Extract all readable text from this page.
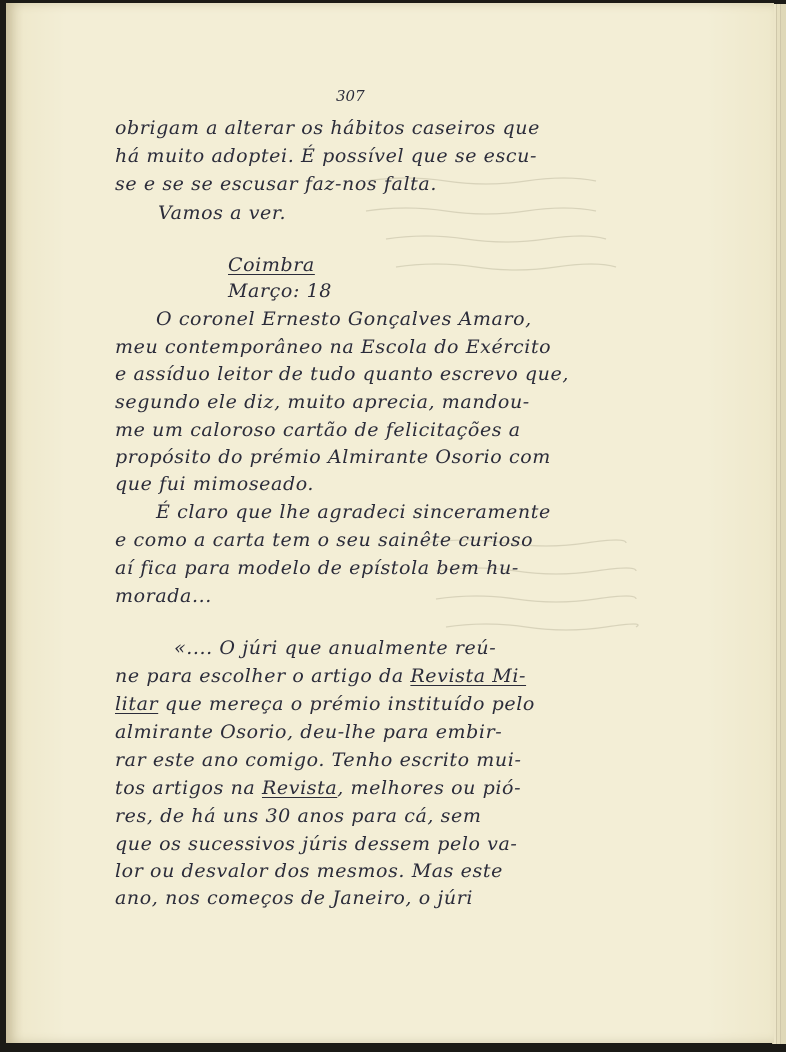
307
obrigam a alterar os hábitos caseiros que
há muito adoptei. É possível que se escu-
se e se se escusar faz-nos falta.
Vamos a ver.
Coimbra
Março: 18
O coronel Ernesto Gonçalves Amaro,
meu contemporâneo na Escola do Exército
e assíduo leitor de tudo quanto escrevo que,
segundo ele diz, muito aprecia, mandou-
me um caloroso cartão de felicitações a
propósito do prémio Almirante Osorio com
que fui mimoseado.
É claro que lhe agradeci sinceramente
e como a carta tem o seu sainête curioso
aí fica para modelo de epístola bem hu-
morada...
«.... O júri que anualmente reú-
ne para escolher o artigo da Revista Mi-
litar que mereça o prémio instituído pelo
almirante Osorio, deu-lhe para embir-
rar este ano comigo. Tenho escrito mui-
tos artigos na Revista, melhores ou pió-
res, de há uns 30 anos para cá, sem
que os sucessivos júris dessem pelo va-
lor ou desvalor dos mesmos. Mas este
ano, nos começos de Janeiro, o júri
